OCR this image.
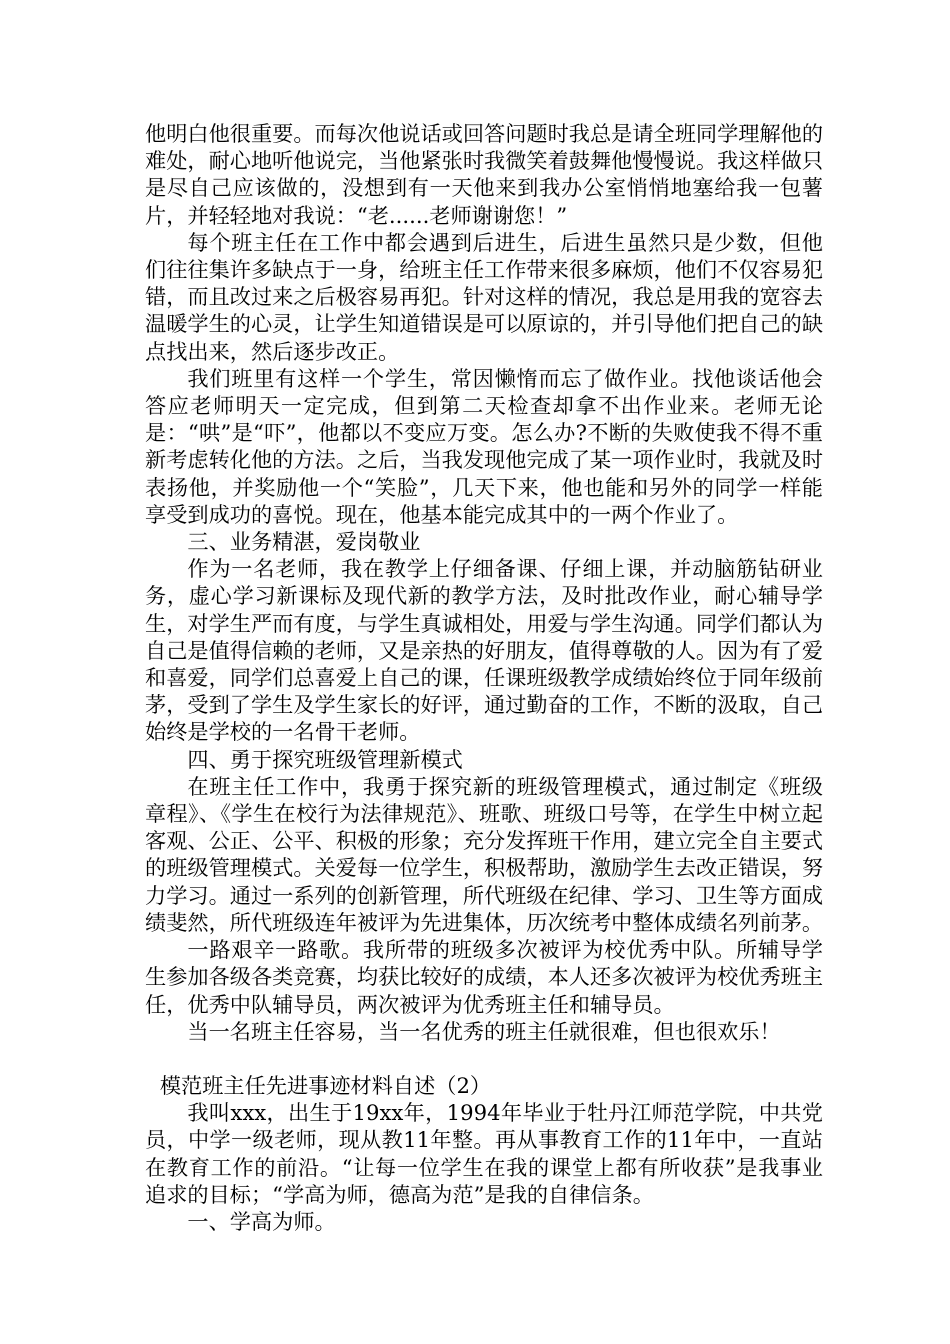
他明白他很重要。而每次他说话或回答问题时我总是请全班同学理解他的难处，耐心地听他说完，当他紧张时我微笑着鼓舞他慢慢说。我这样做只是尽自己应该做的，没想到有一天他来到我办公室悄悄地塞给我一包薯片，并轻轻地对我说：“老......老师谢谢您！”

每个班主任在工作中都会遇到后进生，后进生虽然只是少数，但他们往往集许多缺点于一身，给班主任工作带来很多麻烦，他们不仅容易犯错，而且改过来之后极容易再犯。针对这样的情况，我总是用我的宽容去温暖学生的心灵，让学生知道错误是可以原谅的，并引导他们把自己的缺点找出来，然后逐步改正。

我们班里有这样一个学生，常因懒惰而忘了做作业。找他谈话他会答应老师明天一定完成，但到第二天检查却拿不出作业来。老师无论是：“哄”是“吓”，他都以不变应万变。怎么办?不断的失败使我不得不重新考虑转化他的方法。之后，当我发现他完成了某一项作业时，我就及时表扬他，并奖励他一个“笑脸”，几天下来，他也能和另外的同学一样能享受到成功的喜悦。现在，他基本能完成其中的一两个作业了。

三、业务精湛，爱岗敬业

作为一名老师，我在教学上仔细备课、仔细上课，并动脑筋钻研业务，虚心学习新课标及现代新的教学方法，及时批改作业，耐心辅导学生，对学生严而有度，与学生真诚相处，用爱与学生沟通。同学们都认为自己是值得信赖的老师，又是亲热的好朋友，值得尊敬的人。因为有了爱和喜爱，同学们总喜爱上自己的课，任课班级教学成绩始终位于同年级前茅，受到了学生及学生家长的好评，通过勤奋的工作，不断的汲取，自己始终是学校的一名骨干老师。

四、勇于探究班级管理新模式

在班主任工作中，我勇于探究新的班级管理模式，通过制定《班级章程》、《学生在校行为法律规范》、班歌、班级口号等，在学生中树立起客观、公正、公平、积极的形象；充分发挥班干作用，建立完全自主要式的班级管理模式。关爱每一位学生，积极帮助，激励学生去改正错误，努力学习。通过一系列的创新管理，所代班级在纪律、学习、卫生等方面成绩斐然，所代班级连年被评为先进集体，历次统考中整体成绩名列前茅。

一路艰辛一路歌。我所带的班级多次被评为校优秀中队。所辅导学生参加各级各类竞赛，均获比较好的成绩，本人还多次被评为校优秀班主任，优秀中队辅导员，两次被评为优秀班主任和辅导员。

当一名班主任容易，当一名优秀的班主任就很难，但也很欢乐！

模范班主任先进事迹材料自述（2）

我叫xxx，出生于19xx年，1994年毕业于牡丹江师范学院，中共党员，中学一级老师，现从教11年整。再从事教育工作的11年中，一直站在教育工作的前沿。“让每一位学生在我的课堂上都有所收获”是我事业追求的目标；“学高为师，德高为范”是我的自律信条。

一、学高为师。
